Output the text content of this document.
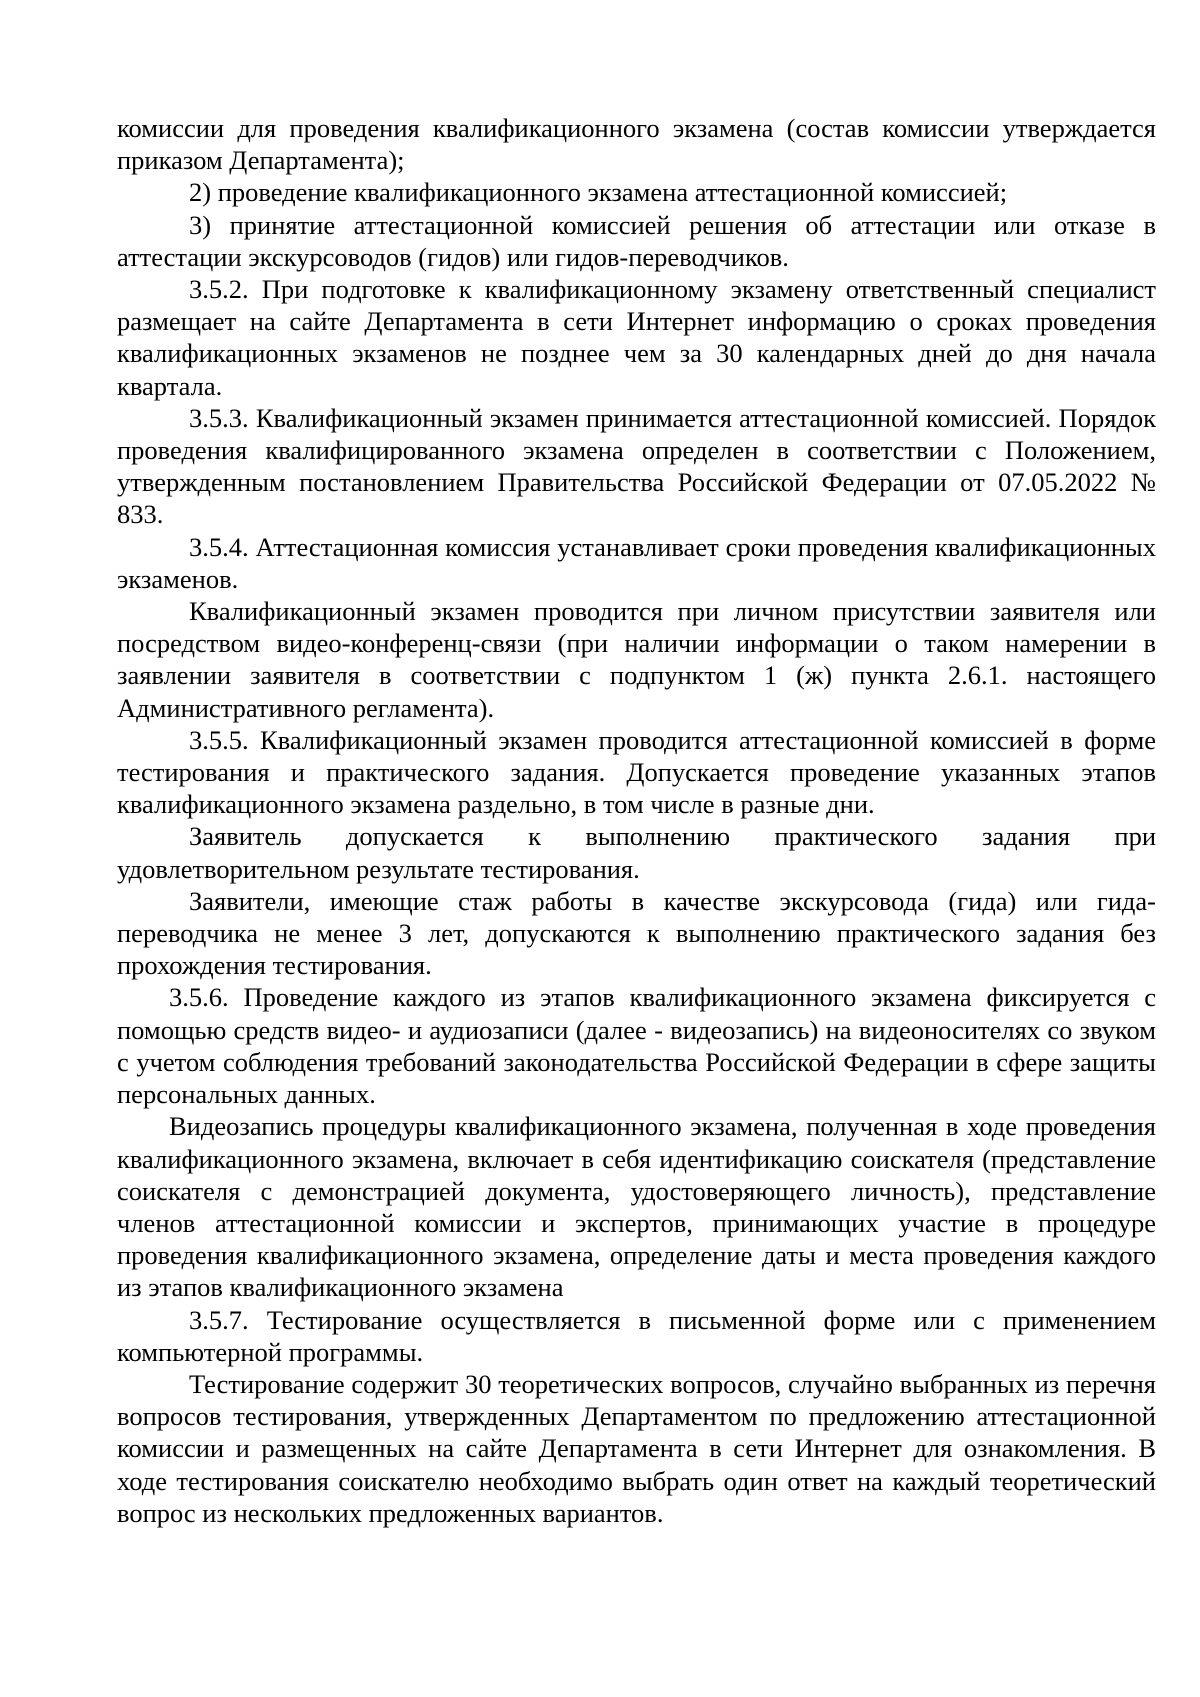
комиссии для проведения квалификационного экзамена (состав комиссии утверждается приказом Департамента);

2) проведение квалификационного экзамена аттестационной комиссией;

3) принятие аттестационной комиссией решения об аттестации или отказе в аттестации экскурсоводов (гидов) или гидов-переводчиков.

3.5.2. При подготовке к квалификационному экзамену ответственный специалист размещает на сайте Департамента в сети Интернет информацию о сроках проведения квалификационных экзаменов не позднее чем за 30 календарных дней до дня начала квартала.

3.5.3. Квалификационный экзамен принимается аттестационной комиссией. Порядок проведения квалифицированного экзамена определен в соответствии с Положением, утвержденным постановлением Правительства Российской Федерации от 07.05.2022 № 833.

3.5.4. Аттестационная комиссия устанавливает сроки проведения квалификационных экзаменов.

Квалификационный экзамен проводится при личном присутствии заявителя или посредством видео-конференц-связи (при наличии информации о таком намерении в заявлении заявителя в соответствии с подпунктом 1 (ж) пункта 2.6.1. настоящего Административного регламента).

3.5.5. Квалификационный экзамен проводится аттестационной комиссией в форме тестирования и практического задания. Допускается проведение указанных этапов квалификационного экзамена раздельно, в том числе в разные дни.

Заявитель допускается к выполнению практического задания при удовлетворительном результате тестирования.

Заявители, имеющие стаж работы в качестве экскурсовода (гида) или гида-переводчика не менее 3 лет, допускаются к выполнению практического задания без прохождения тестирования.

3.5.6. Проведение каждого из этапов квалификационного экзамена фиксируется с помощью средств видео- и аудиозаписи (далее - видеозапись) на видеоносителях со звуком с учетом соблюдения требований законодательства Российской Федерации в сфере защиты персональных данных.

Видеозапись процедуры квалификационного экзамена, полученная в ходе проведения квалификационного экзамена, включает в себя идентификацию соискателя (представление соискателя с демонстрацией документа, удостоверяющего личность), представление членов аттестационной комиссии и экспертов, принимающих участие в процедуре проведения квалификационного экзамена, определение даты и места проведения каждого из этапов квалификационного экзамена

3.5.7. Тестирование осуществляется в письменной форме или с применением компьютерной программы.

Тестирование содержит 30 теоретических вопросов, случайно выбранных из перечня вопросов тестирования, утвержденных Департаментом по предложению аттестационной комиссии и размещенных на сайте Департамента в сети Интернет для ознакомления. В ходе тестирования соискателю необходимо выбрать один ответ на каждый теоретический вопрос из нескольких предложенных вариантов.
